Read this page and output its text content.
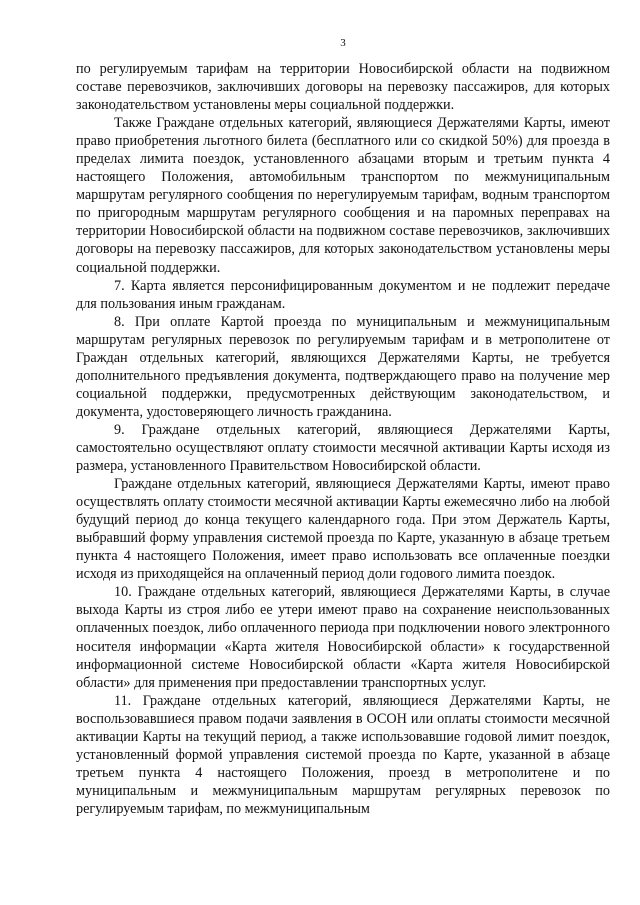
3

по регулируемым тарифам на территории Новосибирской области на подвижном составе перевозчиков, заключивших договоры на перевозку пассажиров, для которых законодательством установлены меры социальной поддержки.

Также Граждане отдельных категорий, являющиеся Держателями Карты, имеют право приобретения льготного билета (бесплатного или со скидкой 50%) для проезда в пределах лимита поездок, установленного абзацами вторым и третьим пункта 4 настоящего Положения, автомобильным транспортом по межмуниципальным маршрутам регулярного сообщения по нерегулируемым тарифам, водным транспортом по пригородным маршрутам регулярного сообщения и на паромных переправах на территории Новосибирской области на подвижном составе перевозчиков, заключивших договоры на перевозку пассажиров, для которых законодательством установлены меры социальной поддержки.

7. Карта является персонифицированным документом и не подлежит передаче для пользования иным гражданам.

8. При оплате Картой проезда по муниципальным и межмуниципальным маршрутам регулярных перевозок по регулируемым тарифам и в метрополитене от Граждан отдельных категорий, являющихся Держателями Карты, не требуется дополнительного предъявления документа, подтверждающего право на получение мер социальной поддержки, предусмотренных действующим законодательством, и документа, удостоверяющего личность гражданина.

9. Граждане отдельных категорий, являющиеся Держателями Карты, самостоятельно осуществляют оплату стоимости месячной активации Карты исходя из размера, установленного Правительством Новосибирской области.

Граждане отдельных категорий, являющиеся Держателями Карты, имеют право осуществлять оплату стоимости месячной активации Карты ежемесячно либо на любой будущий период до конца текущего календарного года. При этом Держатель Карты, выбравший форму управления системой проезда по Карте, указанную в абзаце третьем пункта 4 настоящего Положения, имеет право использовать все оплаченные поездки исходя из приходящейся на оплаченный период доли годового лимита поездок.

10. Граждане отдельных категорий, являющиеся Держателями Карты, в случае выхода Карты из строя либо ее утери имеют право на сохранение неиспользованных оплаченных поездок, либо оплаченного периода при подключении нового электронного носителя информации «Карта жителя Новосибирской области» к государственной информационной системе Новосибирской области «Карта жителя Новосибирской области» для применения при предоставлении транспортных услуг.

11. Граждане отдельных категорий, являющиеся Держателями Карты, не воспользовавшиеся правом подачи заявления в ОСОН или оплаты стоимости месячной активации Карты на текущий период, а также использовавшие годовой лимит поездок, установленный формой управления системой проезда по Карте, указанной в абзаце третьем пункта 4 настоящего Положения, проезд в метрополитене и по муниципальным и межмуниципальным маршрутам регулярных перевозок по регулируемым тарифам, по межмуниципальным
